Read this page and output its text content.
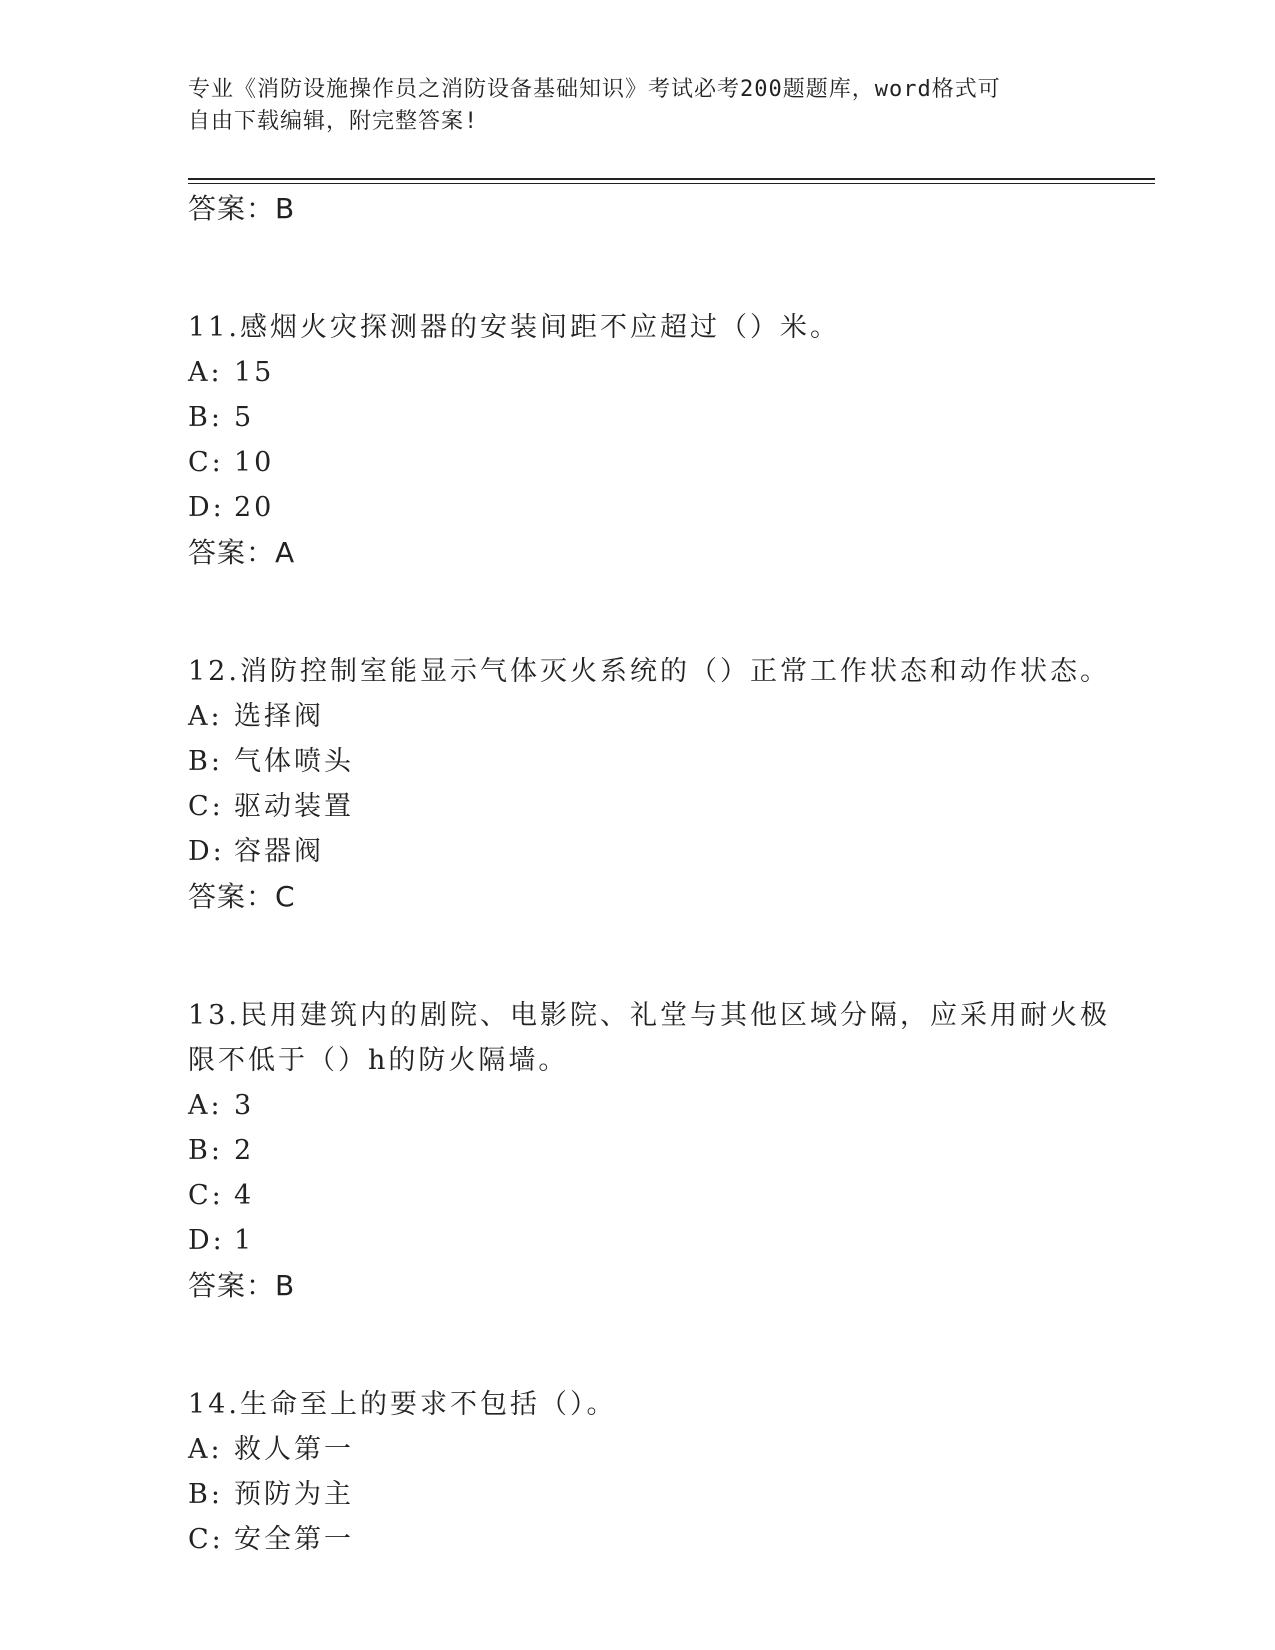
专业《消防设施操作员之消防设备基础知识》考试必考200题题库，word格式可
自由下载编辑，附完整答案!
答案：B
11.感烟火灾探测器的安装间距不应超过（）米。
A: 15
B: 5
C: 10
D: 20
答案：A
12.消防控制室能显示气体灭火系统的（）正常工作状态和动作状态。
A: 选择阀
B: 气体喷头
C: 驱动装置
D: 容器阀
答案：C
13.民用建筑内的剧院、电影院、礼堂与其他区域分隔，应采用耐火极
限不低于（）h的防火隔墙。
A: 3
B: 2
C: 4
D: 1
答案：B
14.生命至上的要求不包括（）。
A: 救人第一
B: 预防为主
C: 安全第一
